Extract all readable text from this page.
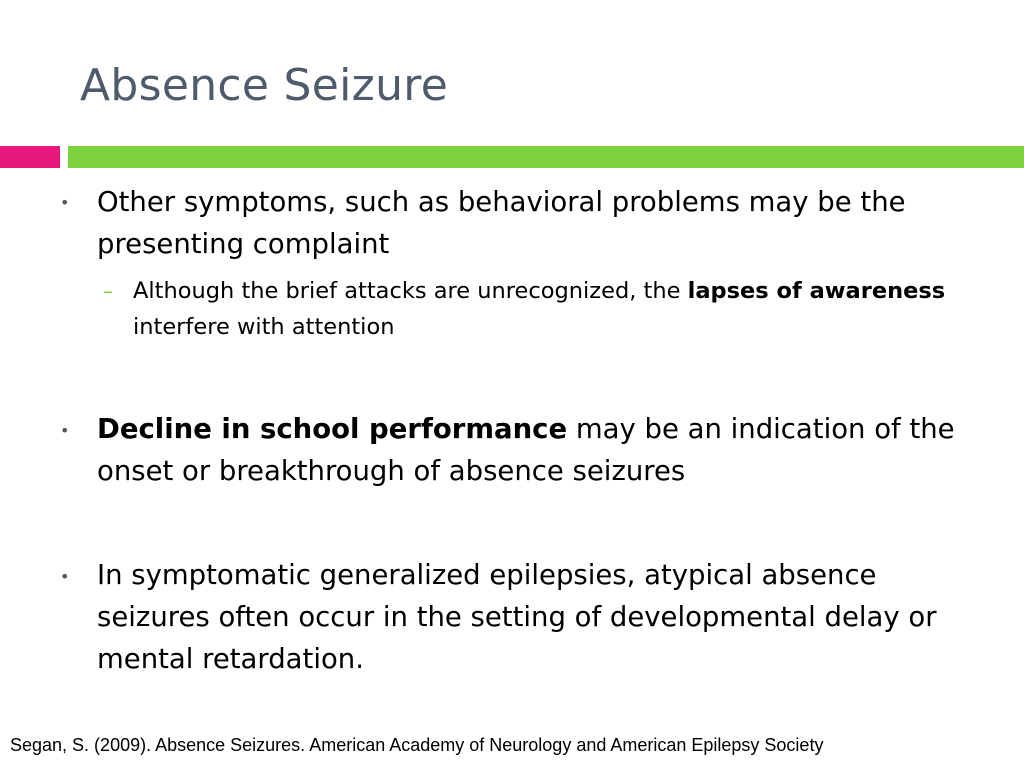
Absence Seizure
• Other symptoms, such as behavioral problems may be the presenting complaint
– Although the brief attacks are unrecognized, the lapses of awareness interfere with attention
• Decline in school performance may be an indication of the onset or breakthrough of absence seizures
• In symptomatic generalized epilepsies, atypical absence seizures often occur in the setting of developmental delay or mental retardation.
Segan, S. (2009). Absence Seizures. American Academy of Neurology and American Epilepsy Society
